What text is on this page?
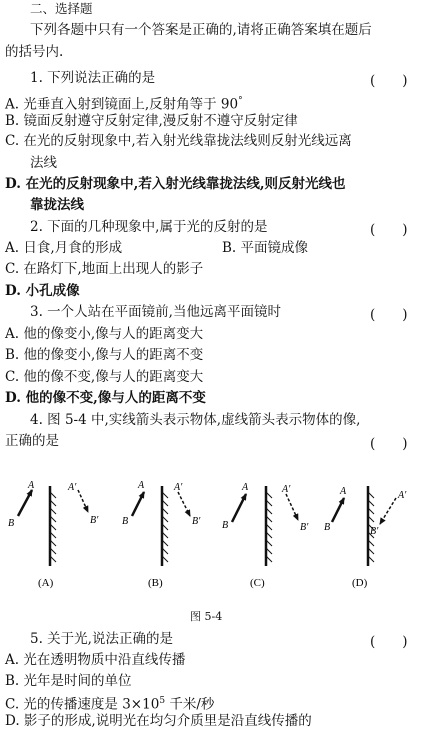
二、选择题
下列各题中只有一个答案是正确的,请将正确答案填在题后
的括号内.
1. 下列说法正确的是	(　　)
A. 光垂直入射到镜面上,反射角等于 90°
B. 镜面反射遵守反射定律,漫反射不遵守反射定律
C. 在光的反射现象中,若入射光线靠拢法线则反射光线远离
法线
D. 在光的反射现象中,若入射光线靠拢法线,则反射光线也
靠拢法线
2. 下面的几种现象中,属于光的反射的是	(　　)
A. 日食,月食的形成	B. 平面镜成像
C. 在路灯下,地面上出现人的影子
D. 小孔成像
3. 一个人站在平面镜前,当他远离平面镜时	(　　)
A. 他的像变小,像与人的距离变大
B. 他的像变小,像与人的距离不变
C. 他的像不变,像与人的距离变大
D. 他的像不变,像与人的距离不变
4. 图 5-4 中,实线箭头表示物体,虚线箭头表示物体的像,
正确的是	(　　)
A
B
A′
B′
(A)
A
B
A′
B′
(B)
A
B
A′
B′
(C)
A
B
A′
B′
(D)
图 5-4
5. 关于光,说法正确的是	(　　)
A. 光在透明物质中沿直线传播
B. 光年是时间的单位
C. 光的传播速度是 $3\times 10^5$ 千米/秒
D. 影子的形成,说明光在均匀介质里是沿直线传播的
